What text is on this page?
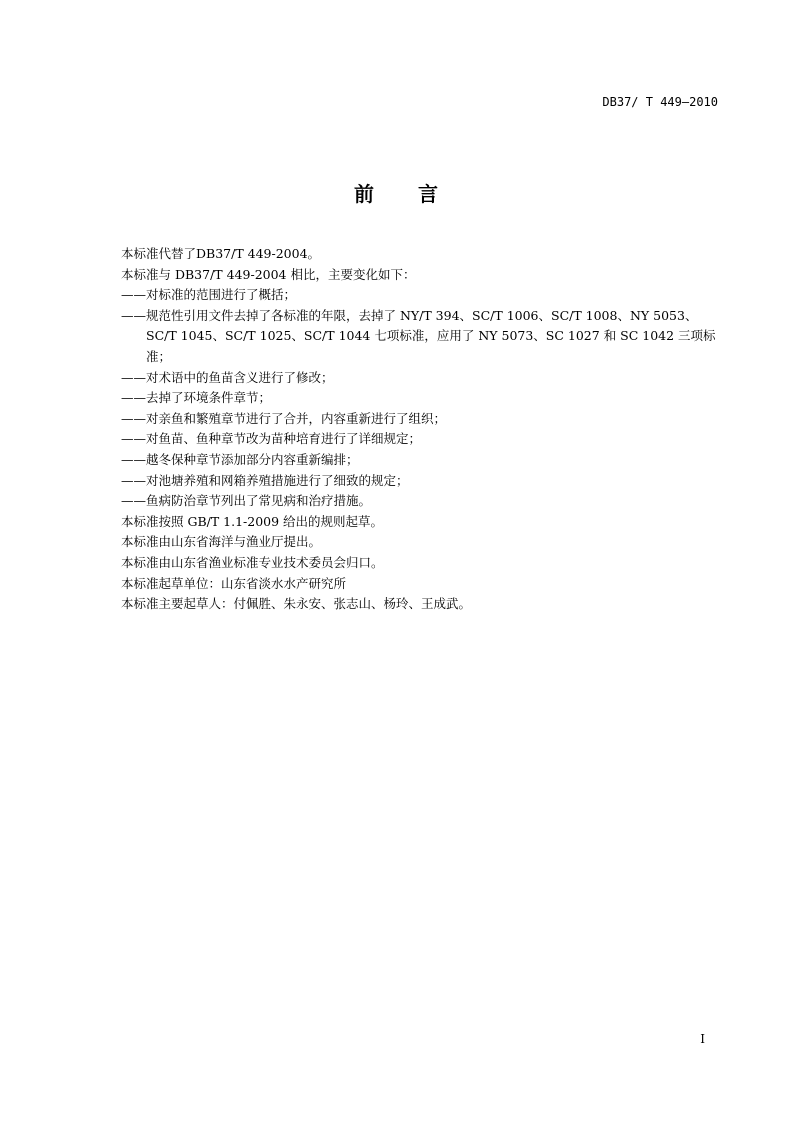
DB37/ T 449—2010
前 言
本标准代替了DB37/T 449-2004。
本标准与 DB37/T 449-2004 相比，主要变化如下：
——对标准的范围进行了概括；
——规范性引用文件去掉了各标准的年限，去掉了 NY/T 394、SC/T 1006、SC/T 1008、NY 5053、
SC/T 1045、SC/T 1025、SC/T 1044 七项标准，应用了 NY 5073、SC 1027 和 SC 1042 三项标
准；
——对术语中的鱼苗含义进行了修改；
——去掉了环境条件章节；
——对亲鱼和繁殖章节进行了合并，内容重新进行了组织；
——对鱼苗、鱼种章节改为苗种培育进行了详细规定；
——越冬保种章节添加部分内容重新编排；
——对池塘养殖和网箱养殖措施进行了细致的规定；
——鱼病防治章节列出了常见病和治疗措施。
本标准按照 GB/T 1.1-2009 给出的规则起草。
本标准由山东省海洋与渔业厅提出。
本标准由山东省渔业标准专业技术委员会归口。
本标准起草单位：山东省淡水水产研究所
本标准主要起草人：付佩胜、朱永安、张志山、杨玲、王成武。
I
